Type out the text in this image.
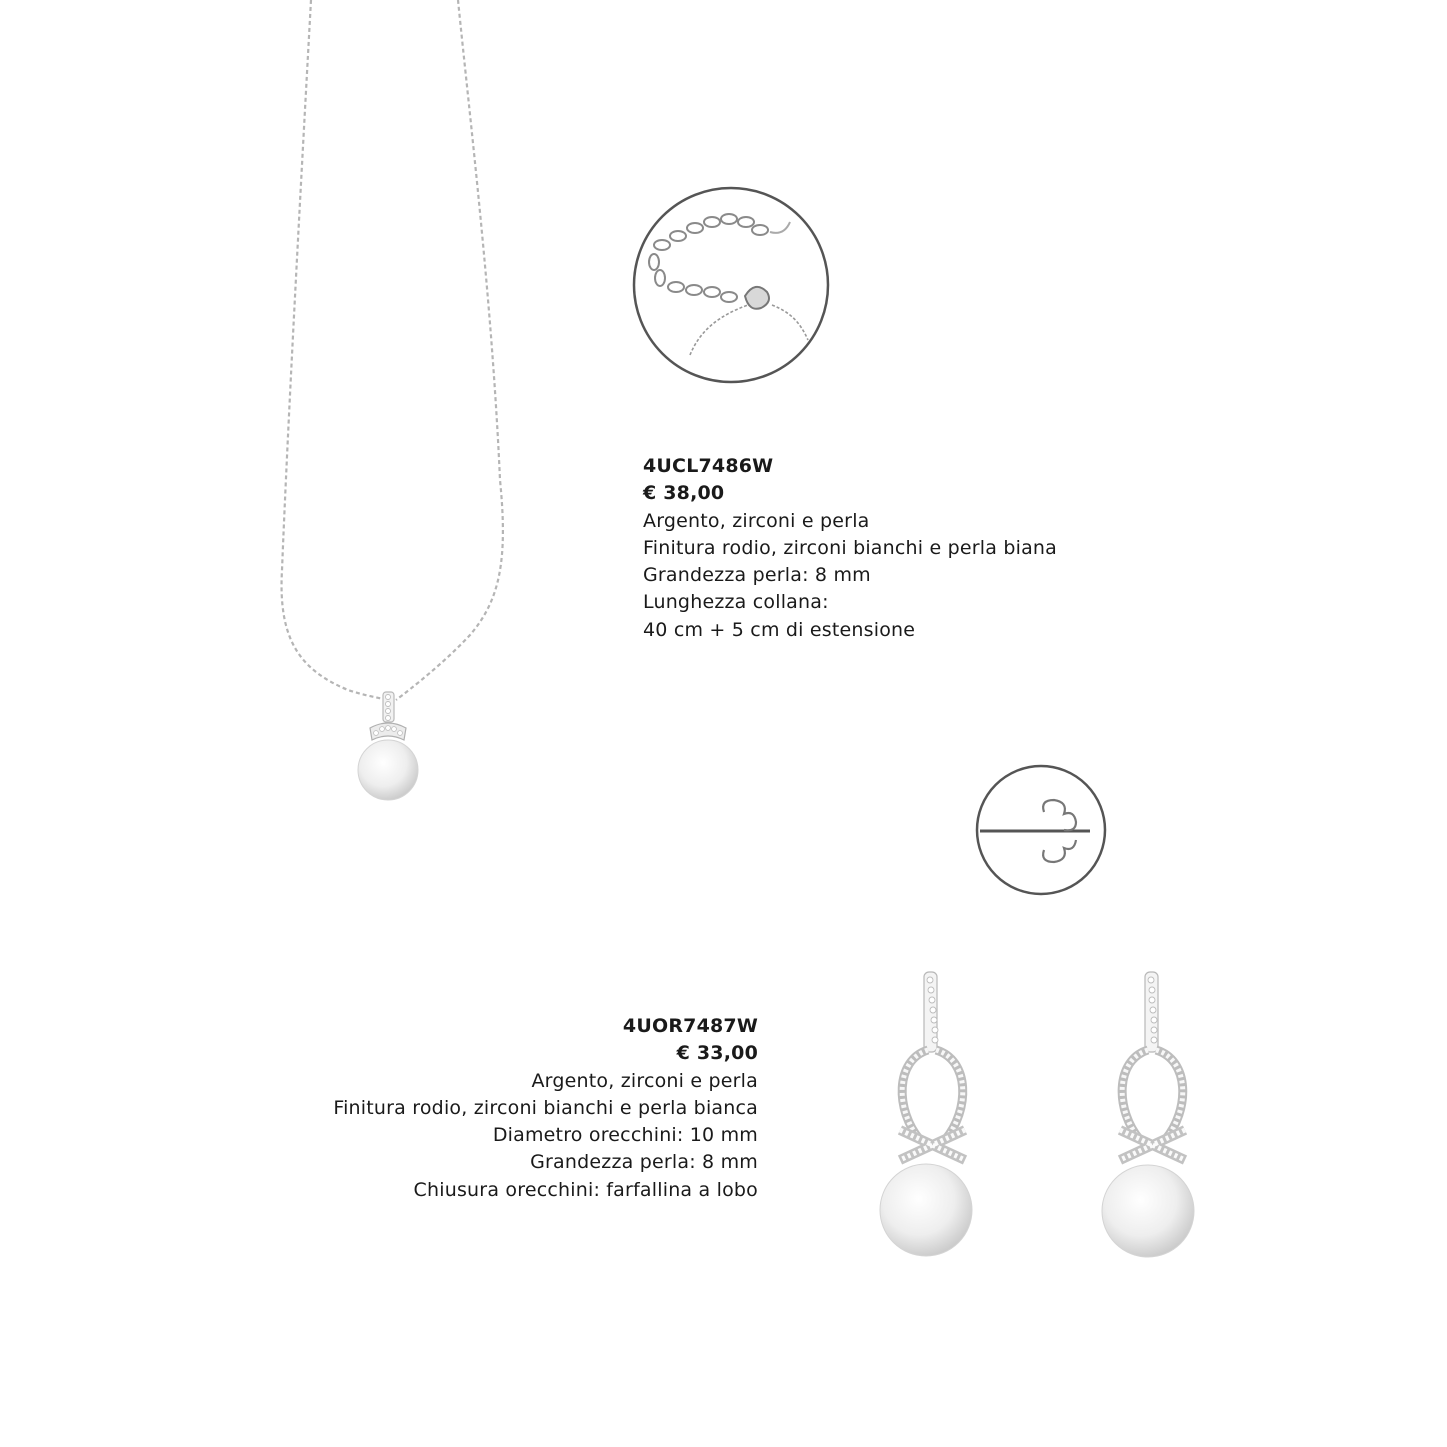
4UCL7486W
€ 38,00
Argento, zirconi e perla
Finitura rodio, zirconi bianchi e perla biana
Grandezza perla: 8 mm
Lunghezza collana:
40 cm + 5 cm di estensione
4UOR7487W
€ 33,00
Argento, zirconi e perla
Finitura rodio, zirconi bianchi e perla bianca
Diametro orecchini: 10 mm
Grandezza perla: 8 mm
Chiusura orecchini: farfallina a lobo
